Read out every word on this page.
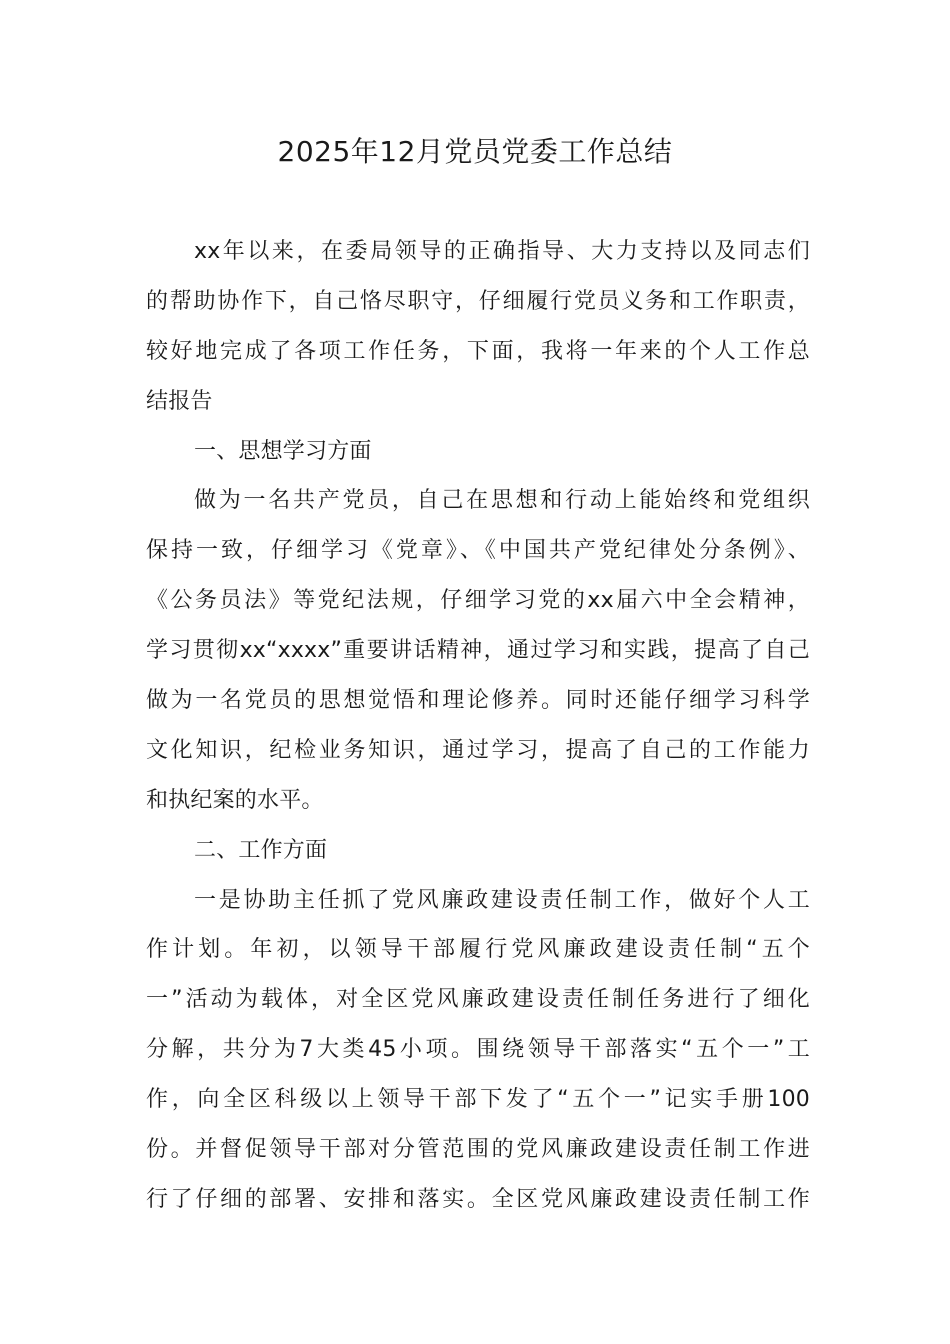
2025年12月党员党委工作总结
xx年以来，在委局领导的正确指导、大力支持以及同志们
的帮助协作下，自己恪尽职守，仔细履行党员义务和工作职责，
较好地完成了各项工作任务，下面，我将一年来的个人工作总
结报告
一、思想学习方面
做为一名共产党员，自己在思想和行动上能始终和党组织
保持一致，仔细学习《党章》、《中国共产党纪律处分条例》、
《公务员法》等党纪法规，仔细学习党的xx届六中全会精神，
学习贯彻xx“xxxx”重要讲话精神，通过学习和实践，提高了自己
做为一名党员的思想觉悟和理论修养。同时还能仔细学习科学
文化知识，纪检业务知识，通过学习，提高了自己的工作能力
和执纪案的水平。
二、工作方面
一是协助主任抓了党风廉政建设责任制工作，做好个人工
作计划。年初，以领导干部履行党风廉政建设责任制“五个
一”活动为载体，对全区党风廉政建设责任制任务进行了细化
分解，共分为7大类45小项。围绕领导干部落实“五个一”工
作，向全区科级以上领导干部下发了“五个一”记实手册100
份。并督促领导干部对分管范围的党风廉政建设责任制工作进
行了仔细的部署、安排和落实。全区党风廉政建设责任制工作
